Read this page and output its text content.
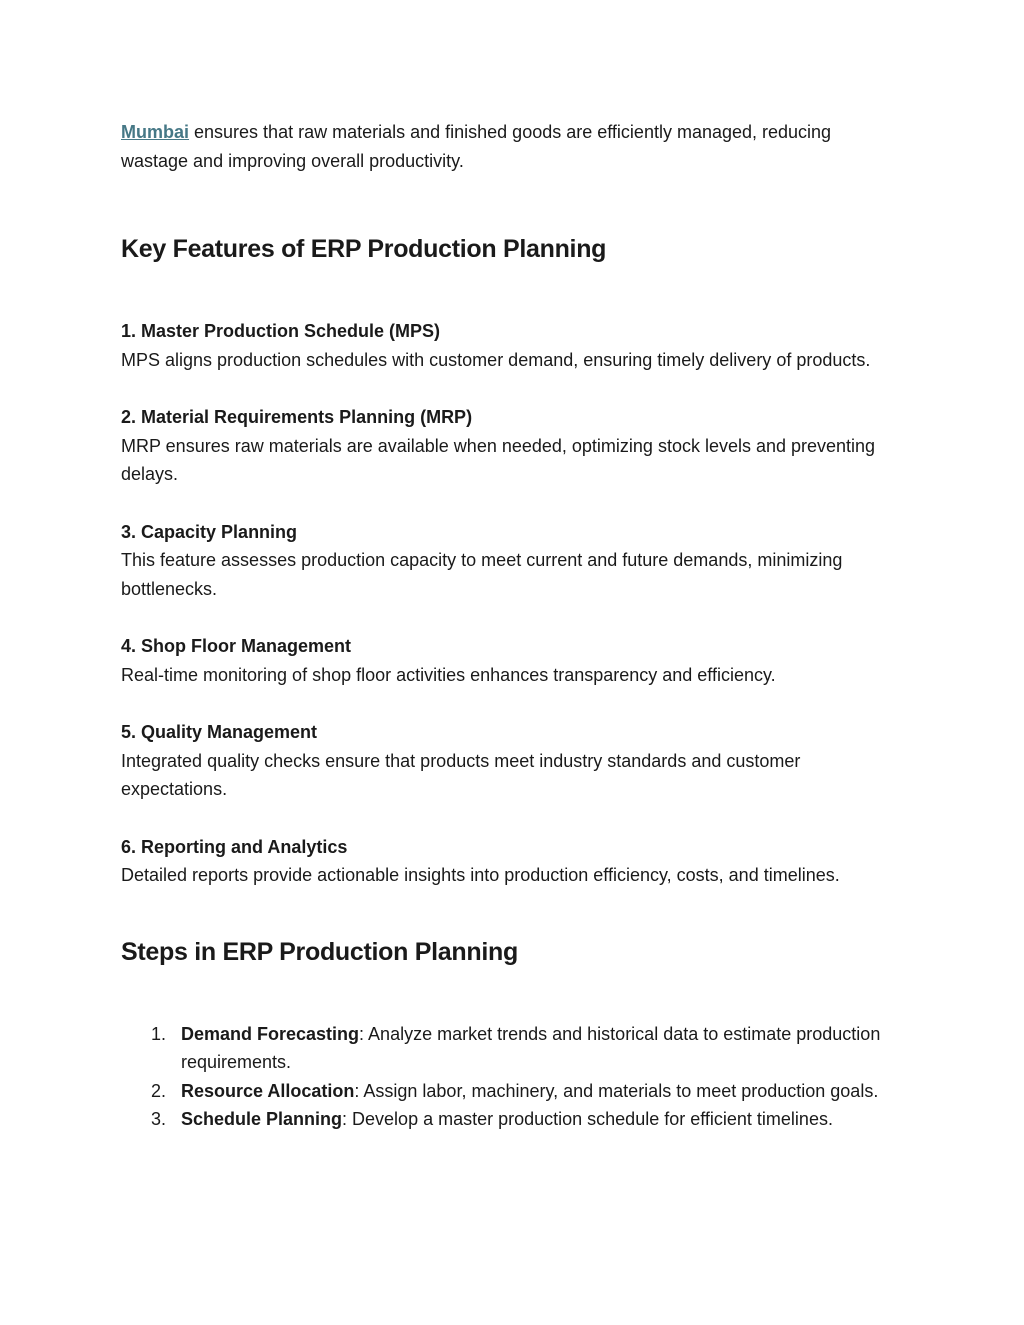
Mumbai ensures that raw materials and finished goods are efficiently managed, reducing wastage and improving overall productivity.

Key Features of ERP Production Planning
1. Master Production Schedule (MPS)
MPS aligns production schedules with customer demand, ensuring timely delivery of products.
2. Material Requirements Planning (MRP)
MRP ensures raw materials are available when needed, optimizing stock levels and preventing delays.
3. Capacity Planning
This feature assesses production capacity to meet current and future demands, minimizing bottlenecks.
4. Shop Floor Management
Real-time monitoring of shop floor activities enhances transparency and efficiency.
5. Quality Management
Integrated quality checks ensure that products meet industry standards and customer expectations.
6. Reporting and Analytics
Detailed reports provide actionable insights into production efficiency, costs, and timelines.
Steps in ERP Production Planning
1. Demand Forecasting: Analyze market trends and historical data to estimate production requirements.
2. Resource Allocation: Assign labor, machinery, and materials to meet production goals.
3. Schedule Planning: Develop a master production schedule for efficient timelines.
